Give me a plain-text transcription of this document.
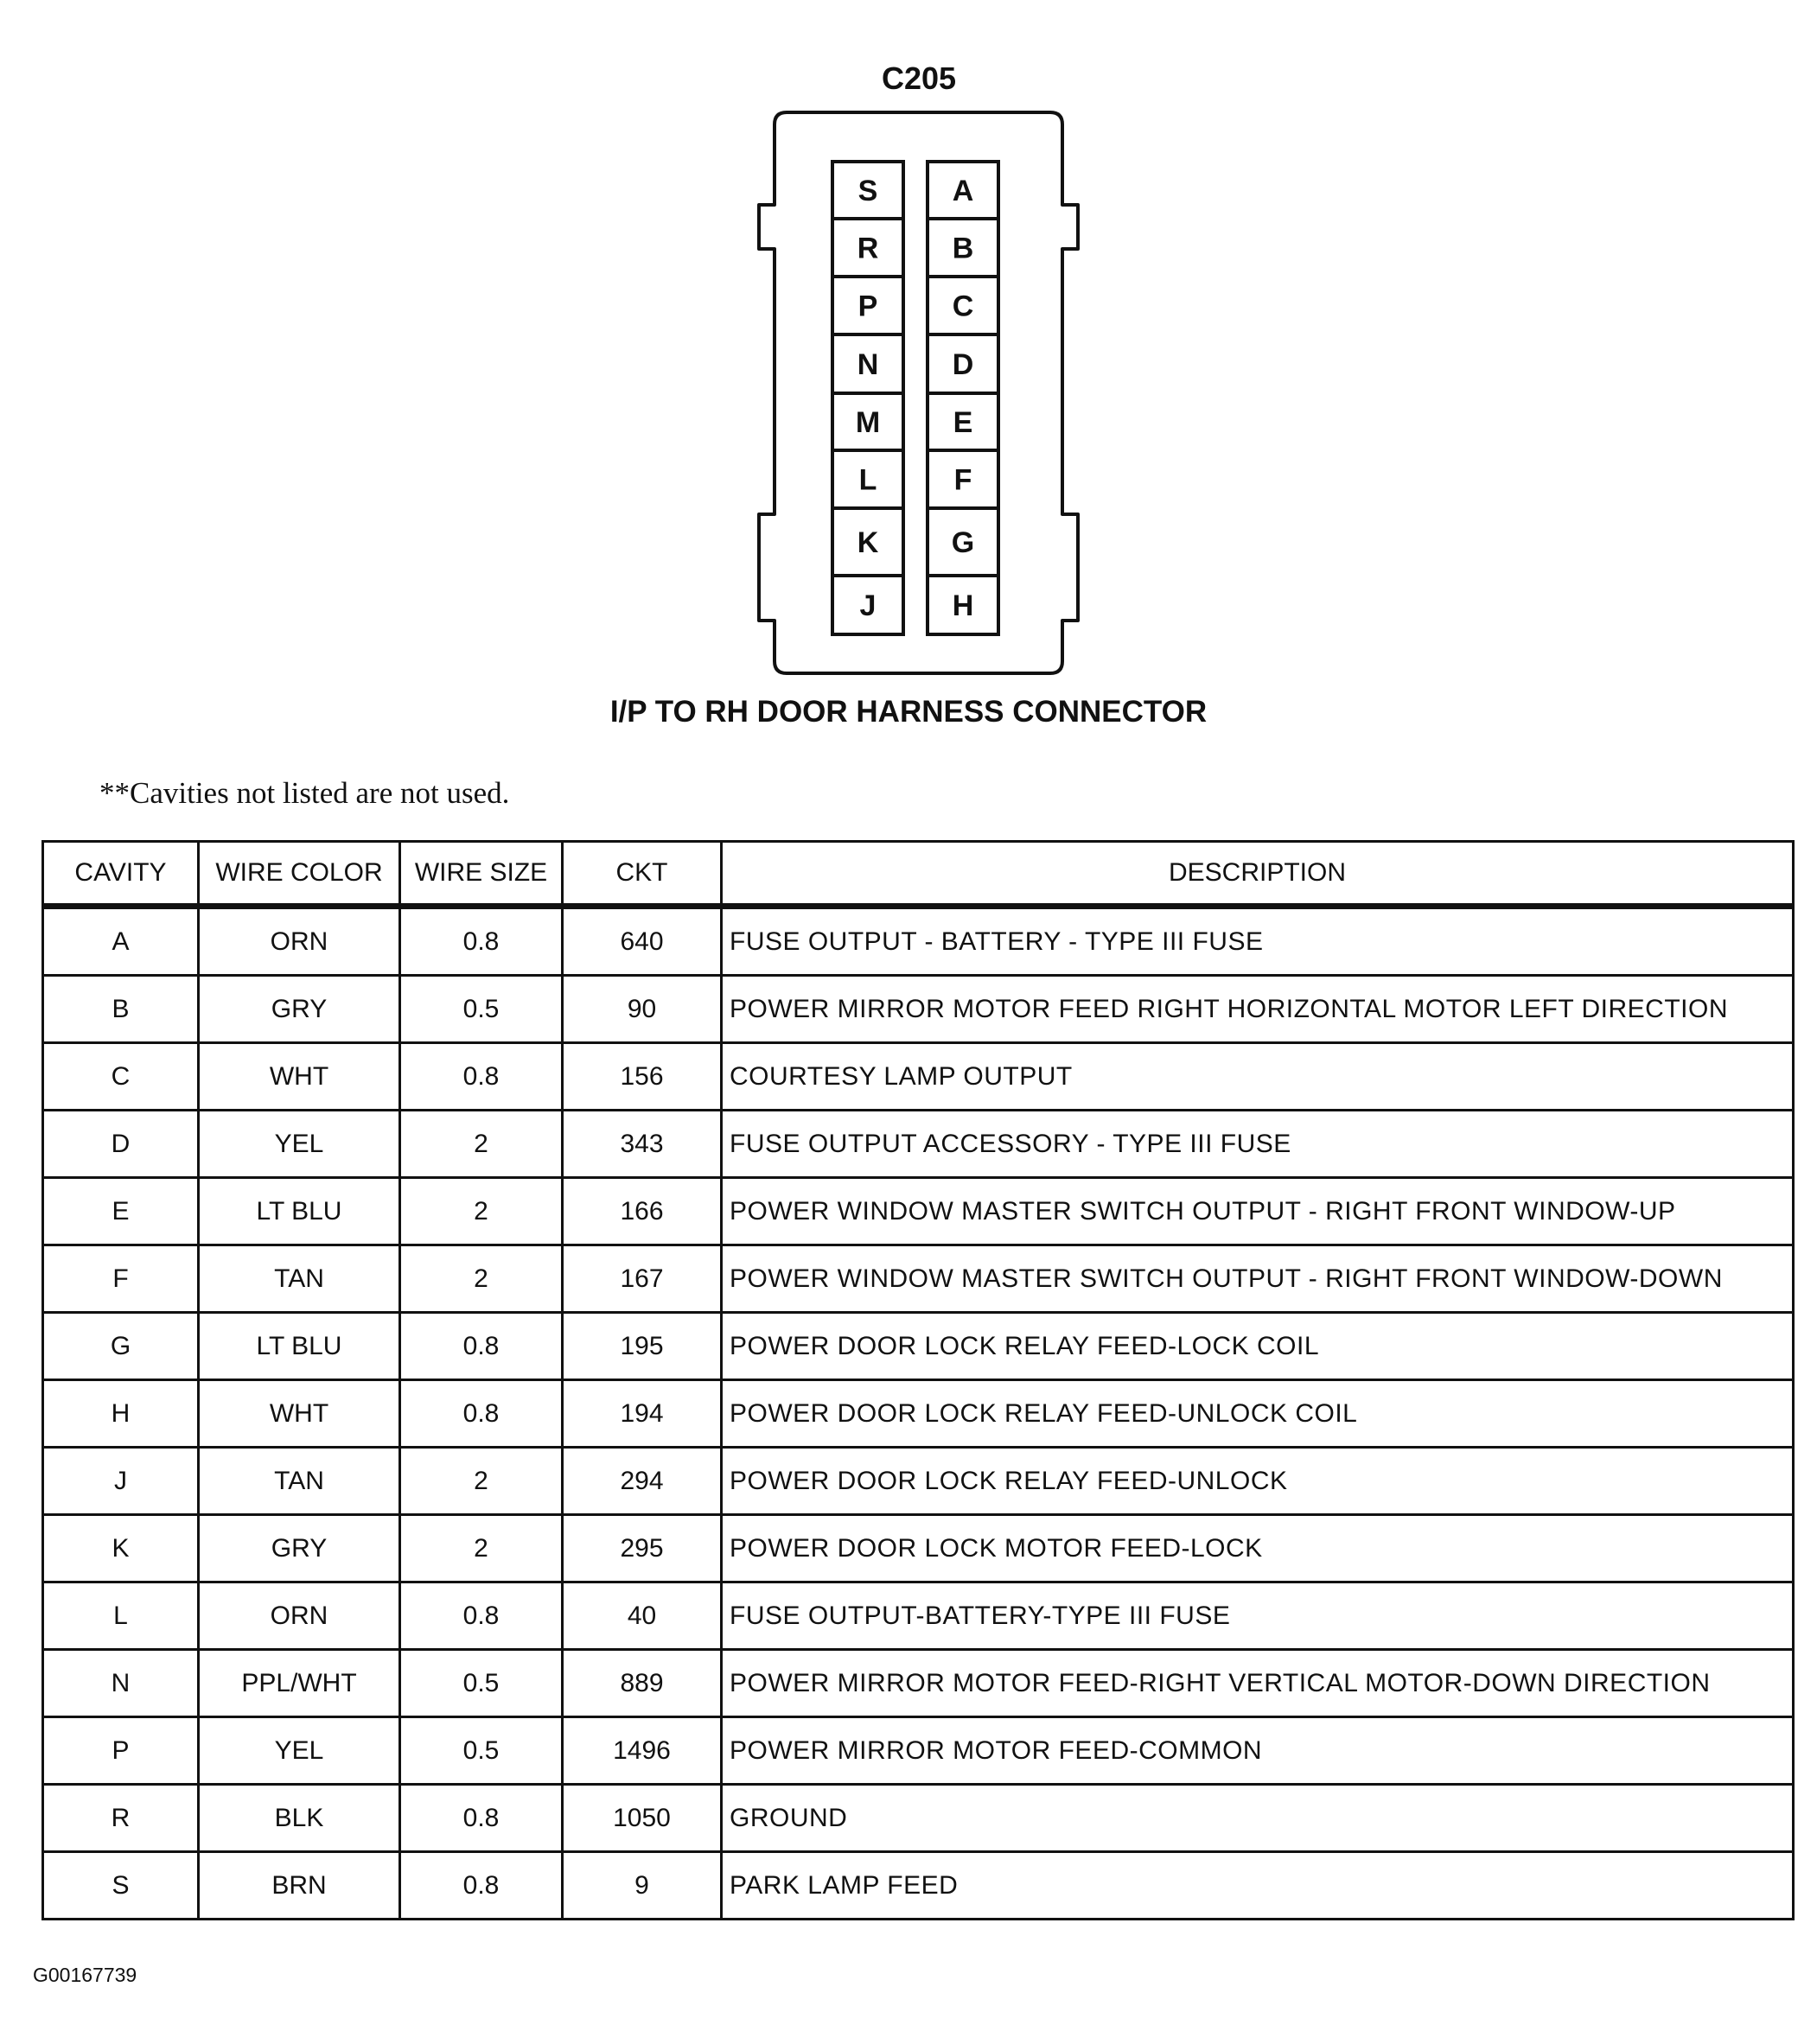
C205
S
R
P
N
M
L
K
J
A
B
C
D
E
F
G
H
I/P TO RH DOOR HARNESS CONNECTOR
**Cavities not listed are not used.
CAVITY	WIRE COLOR	WIRE SIZE	CKT	DESCRIPTION
A	ORN	0.8	640	FUSE OUTPUT - BATTERY - TYPE III FUSE
B	GRY	0.5	90	POWER MIRROR MOTOR FEED RIGHT HORIZONTAL MOTOR LEFT DIRECTION
C	WHT	0.8	156	COURTESY LAMP OUTPUT
D	YEL	2	343	FUSE OUTPUT ACCESSORY - TYPE III FUSE
E	LT BLU	2	166	POWER WINDOW MASTER SWITCH OUTPUT - RIGHT FRONT WINDOW-UP
F	TAN	2	167	POWER WINDOW MASTER SWITCH OUTPUT - RIGHT FRONT WINDOW-DOWN
G	LT BLU	0.8	195	POWER DOOR LOCK RELAY FEED-LOCK COIL
H	WHT	0.8	194	POWER DOOR LOCK RELAY FEED-UNLOCK COIL
J	TAN	2	294	POWER DOOR LOCK RELAY FEED-UNLOCK
K	GRY	2	295	POWER DOOR LOCK MOTOR FEED-LOCK
L	ORN	0.8	40	FUSE OUTPUT-BATTERY-TYPE III FUSE
N	PPL/WHT	0.5	889	POWER MIRROR MOTOR FEED-RIGHT VERTICAL MOTOR-DOWN DIRECTION
P	YEL	0.5	1496	POWER MIRROR MOTOR FEED-COMMON
R	BLK	0.8	1050	GROUND
S	BRN	0.8	9	PARK LAMP FEED
G00167739
